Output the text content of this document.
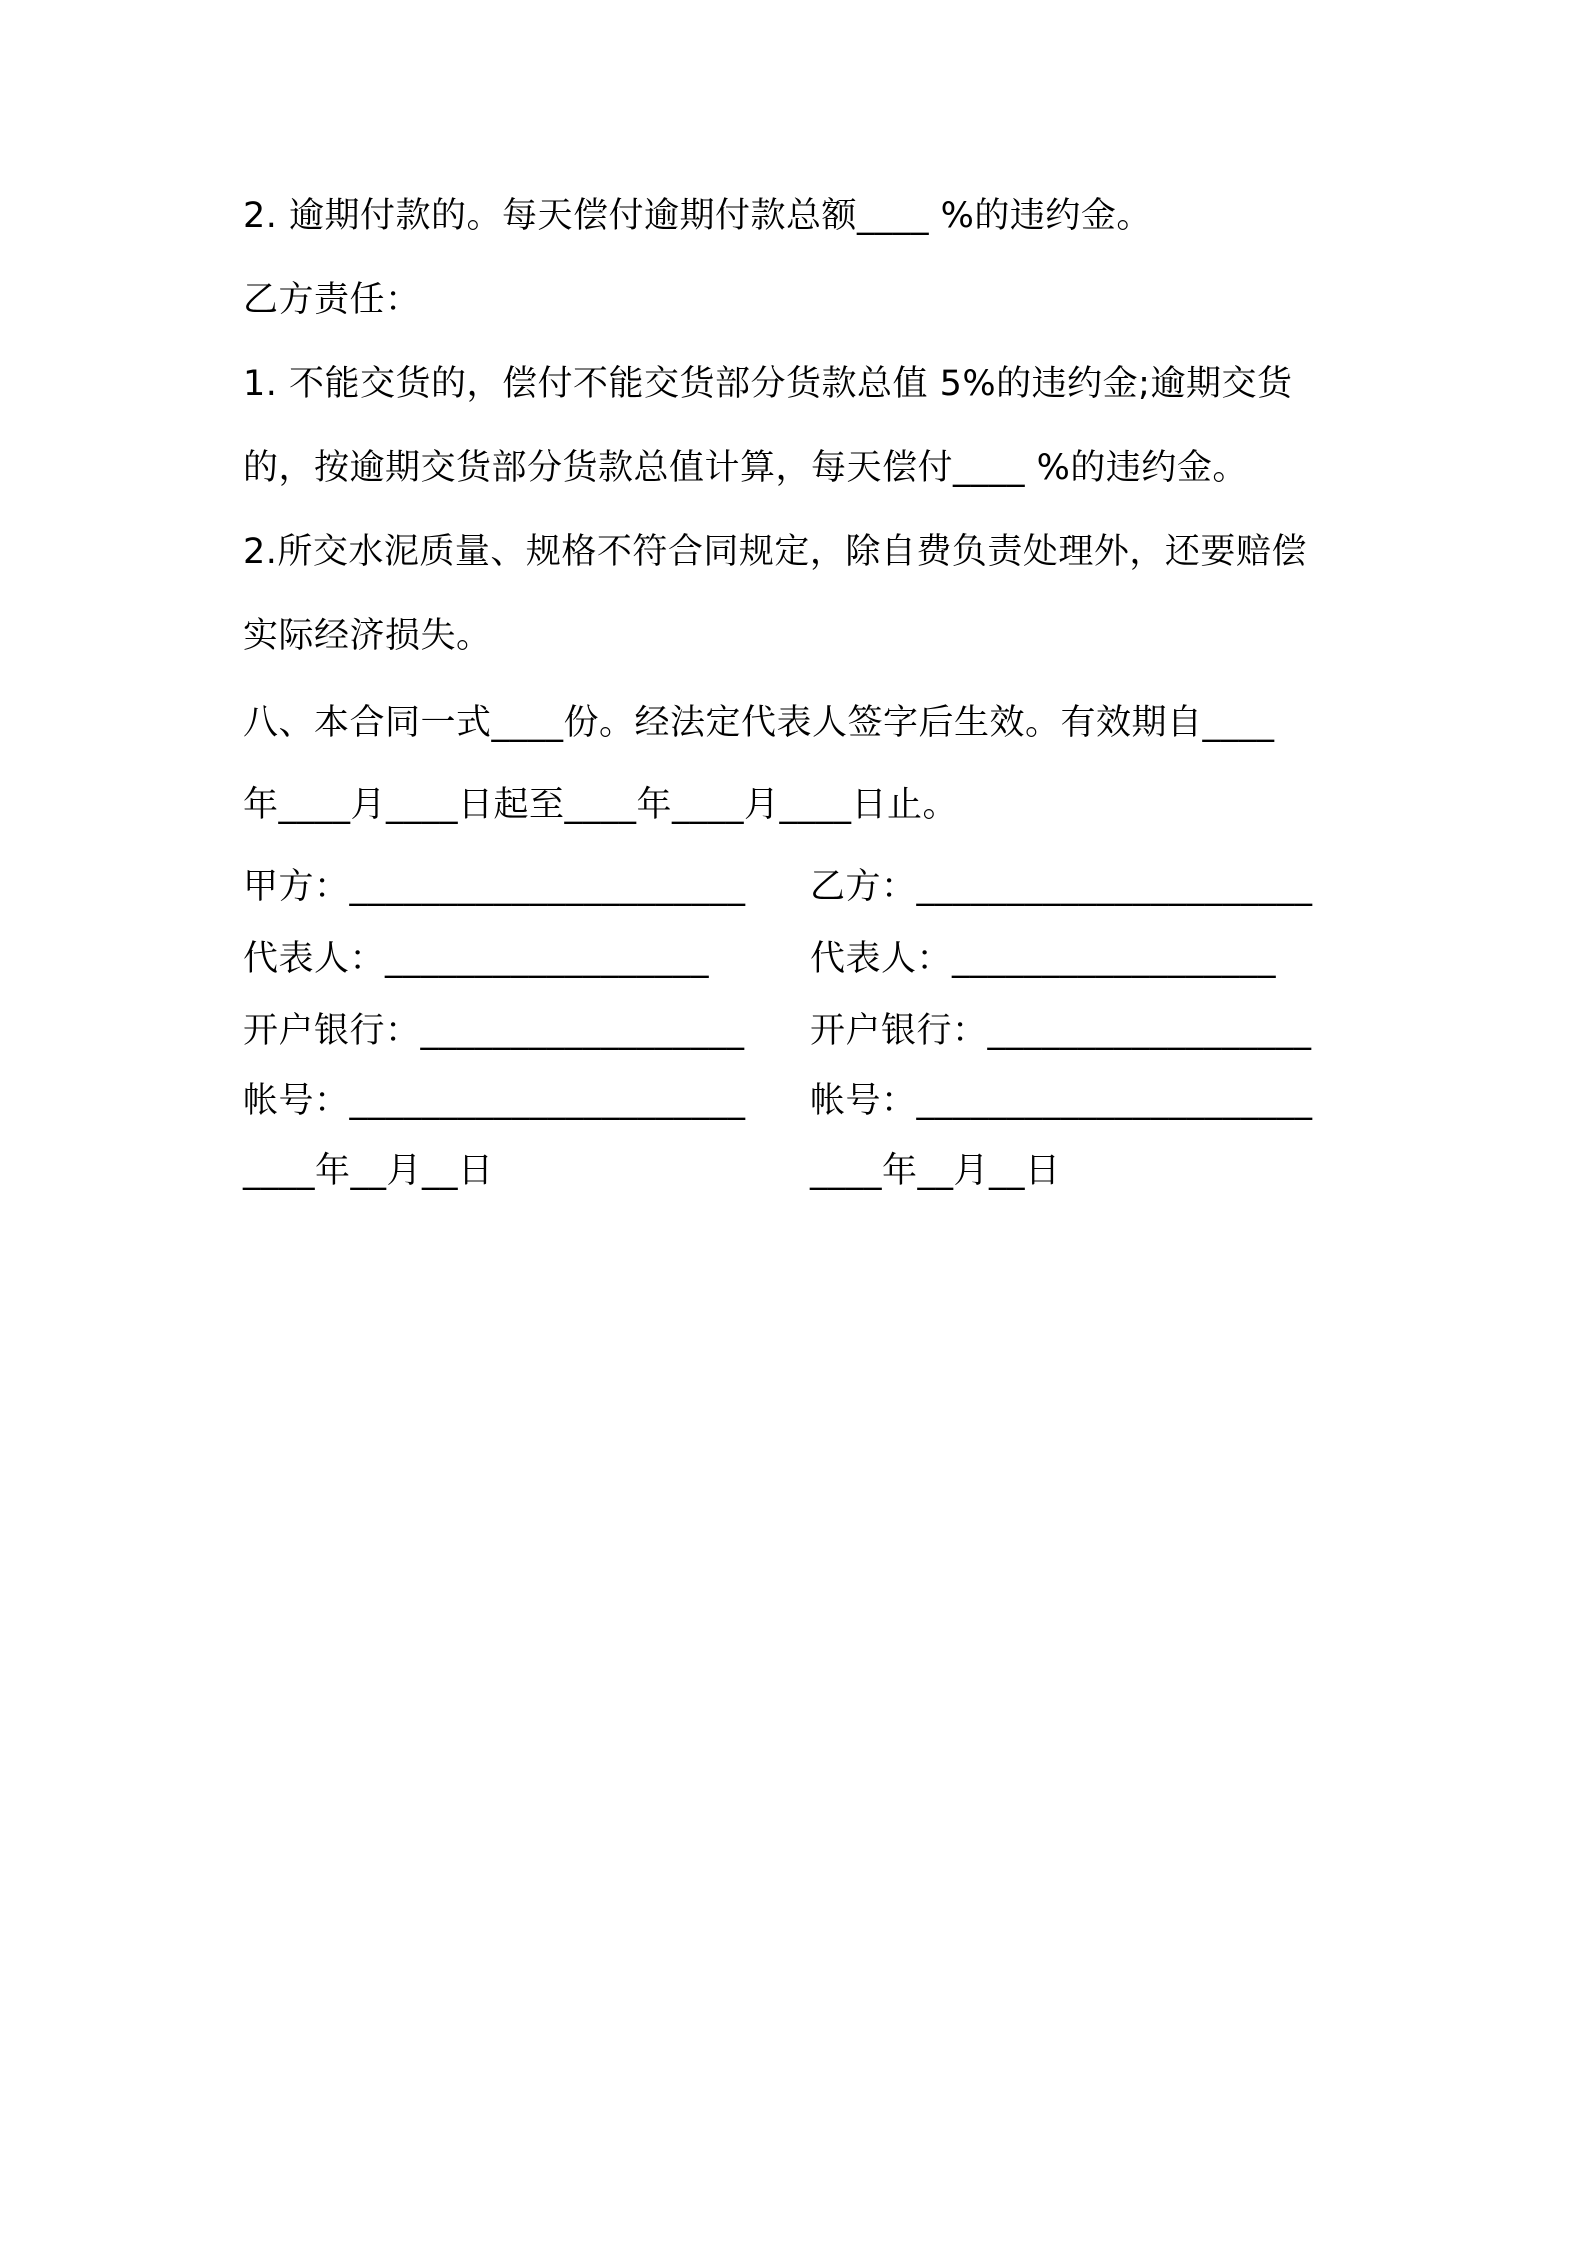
2. 逾期付款的。每天偿付逾期付款总额____ %的违约金。
乙方责任：
1. 不能交货的，偿付不能交货部分货款总值 5%的违约金;逾期交货
的，按逾期交货部分货款总值计算，每天偿付____ %的违约金。
2.所交水泥质量、规格不符合同规定，除自费负责处理外，还要赔偿
实际经济损失。
八、本合同一式____份。经法定代表人签字后生效。有效期自____
年____月____日起至____年____月____日止。
甲方：______________________	乙方：______________________
代表人：__________________	代表人：__________________
开户银行：__________________	开户银行：__________________
帐号：______________________	帐号：______________________
____年__月__日	____年__月__日
